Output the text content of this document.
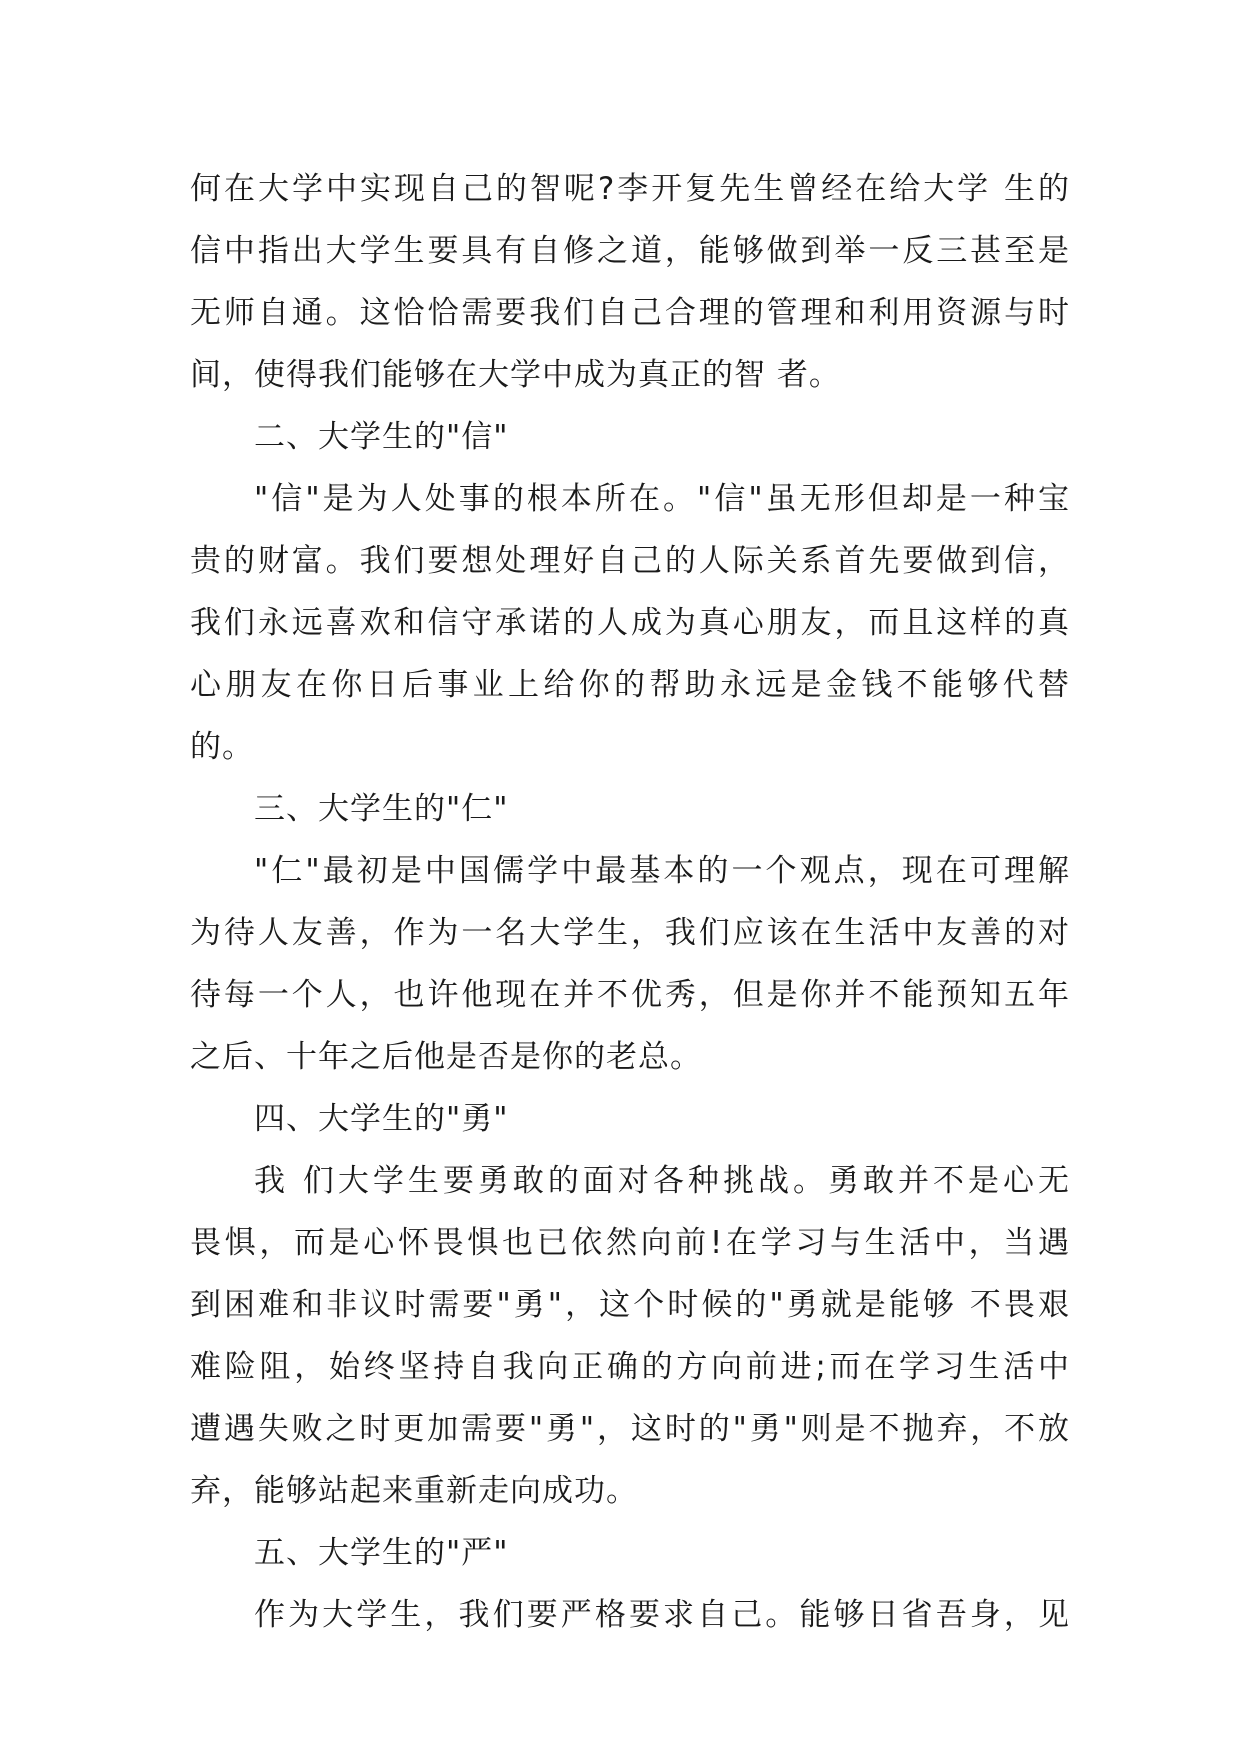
何在大学中实现自己的智呢?李开复先生曾经在给大学 生的
信中指出大学生要具有自修之道，能够做到举一反三甚至是
无师自通。这恰恰需要我们自己合理的管理和利用资源与时
间，使得我们能够在大学中成为真正的智 者。
二、大学生的"信"
"信"是为人处事的根本所在。"信"虽无形但却是一种宝
贵的财富。我们要想处理好自己的人际关系首先要做到信，
我们永远喜欢和信守承诺的人成为真心朋友，而且这样的真
心朋友在你日后事业上给你的帮助永远是金钱不能够代替
的。
三、大学生的"仁"
"仁"最初是中国儒学中最基本的一个观点，现在可理解
为待人友善，作为一名大学生，我们应该在生活中友善的对
待每一个人，也许他现在并不优秀，但是你并不能预知五年
之后、十年之后他是否是你的老总。
四、大学生的"勇"
我 们大学生要勇敢的面对各种挑战。勇敢并不是心无
畏惧，而是心怀畏惧也已依然向前!在学习与生活中，当遇
到困难和非议时需要"勇"，这个时候的"勇就是能够 不畏艰
难险阻，始终坚持自我向正确的方向前进;而在学习生活中
遭遇失败之时更加需要"勇"，这时的"勇"则是不抛弃，不放
弃，能够站起来重新走向成功。
五、大学生的"严"
作为大学生，我们要严格要求自己。能够日省吾身，见
